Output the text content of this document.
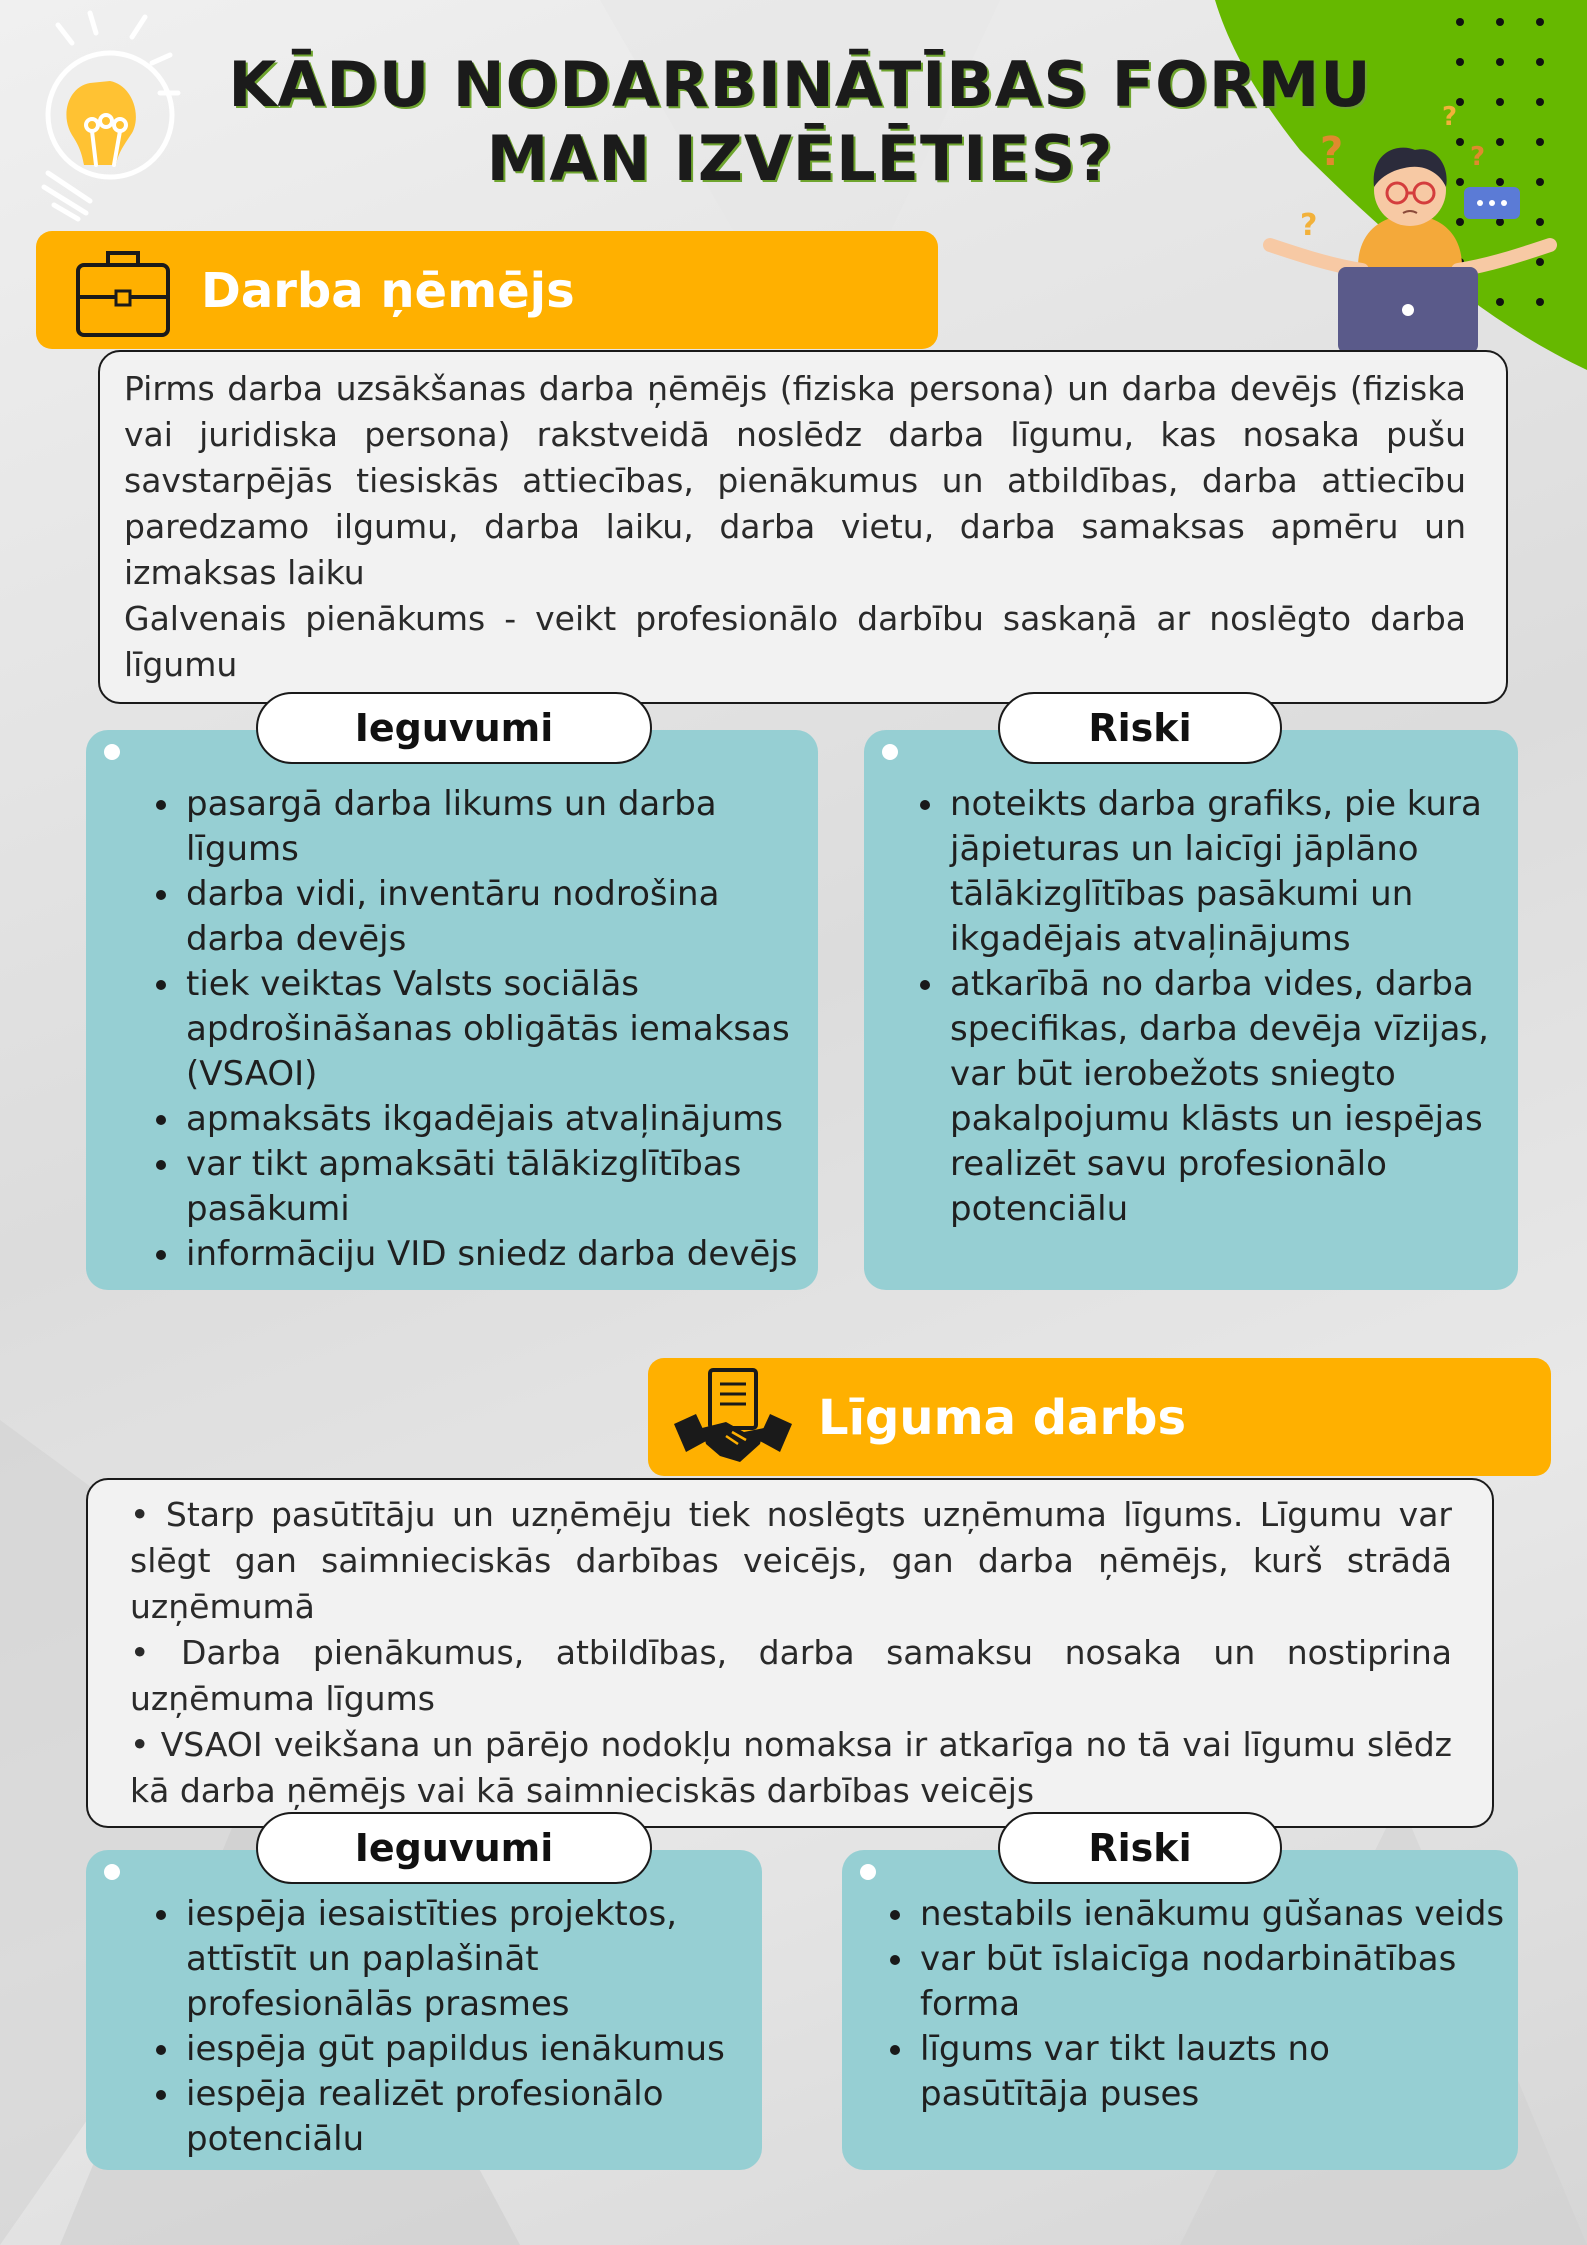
?
?
?
?
KĀDU NODARBINĀTĪBAS FORMU
MAN IZVĒLĒTIES?
Darba ņēmējs

Pirms darba uzsākšanas darba ņēmējs (fiziska persona) un darba devējs (fiziska vai juridiska persona) rakstveidā noslēdz darba līgumu, kas nosaka pušu savstarpējās tiesiskās attiecības, pienākumus un atbildības, darba attiecību paredzamo ilgumu, darba laiku, darba vietu, darba samaksas apmēru un izmaksas laiku

Galvenais pienākums - veikt profesionālo darbību saskaņā ar noslēgto darba līgumu

pasargā darba likums un darba līgums
darba vidi, inventāru nodrošina darba devējs
tiek veiktas Valsts sociālās apdrošināšanas obligātās iemaksas (VSAOI)
apmaksāts ikgadējais atvaļinājums
var tikt apmaksāti tālākizglītības pasākumi
informāciju VID sniedz darba devējs
Ieguvumi
noteikts darba grafiks, pie kura jāpieturas un laicīgi jāplāno tālākizglītības pasākumi un ikgadējais atvaļinājums
atkarībā no darba vides, darba specifikas, darba devēja vīzijas, var būt ierobežots sniegto pakalpojumu klāsts un iespējas realizēt savu profesionālo potenciālu
Riski
Līguma darbs

• Starp pasūtītāju un uzņēmēju tiek noslēgts uzņēmuma līgums. Līgumu var slēgt gan saimnieciskās darbības veicējs, gan darba ņēmējs, kurš strādā uzņēmumā

• Darba pienākumus, atbildības, darba samaksu nosaka un nostiprina uzņēmuma līgums

• VSAOI veikšana un pārējo nodokļu nomaksa ir atkarīga no tā vai līgumu slēdz kā darba ņēmējs vai kā saimnieciskās darbības veicējs

iespēja iesaistīties projektos, attīstīt un paplašināt profesionālās prasmes
iespēja gūt papildus ienākumus
iespēja realizēt profesionālo potenciālu
Ieguvumi
nestabils ienākumu gūšanas veids
var būt īslaicīga nodarbinātības forma
līgums var tikt lauzts no pasūtītāja puses
Riski
